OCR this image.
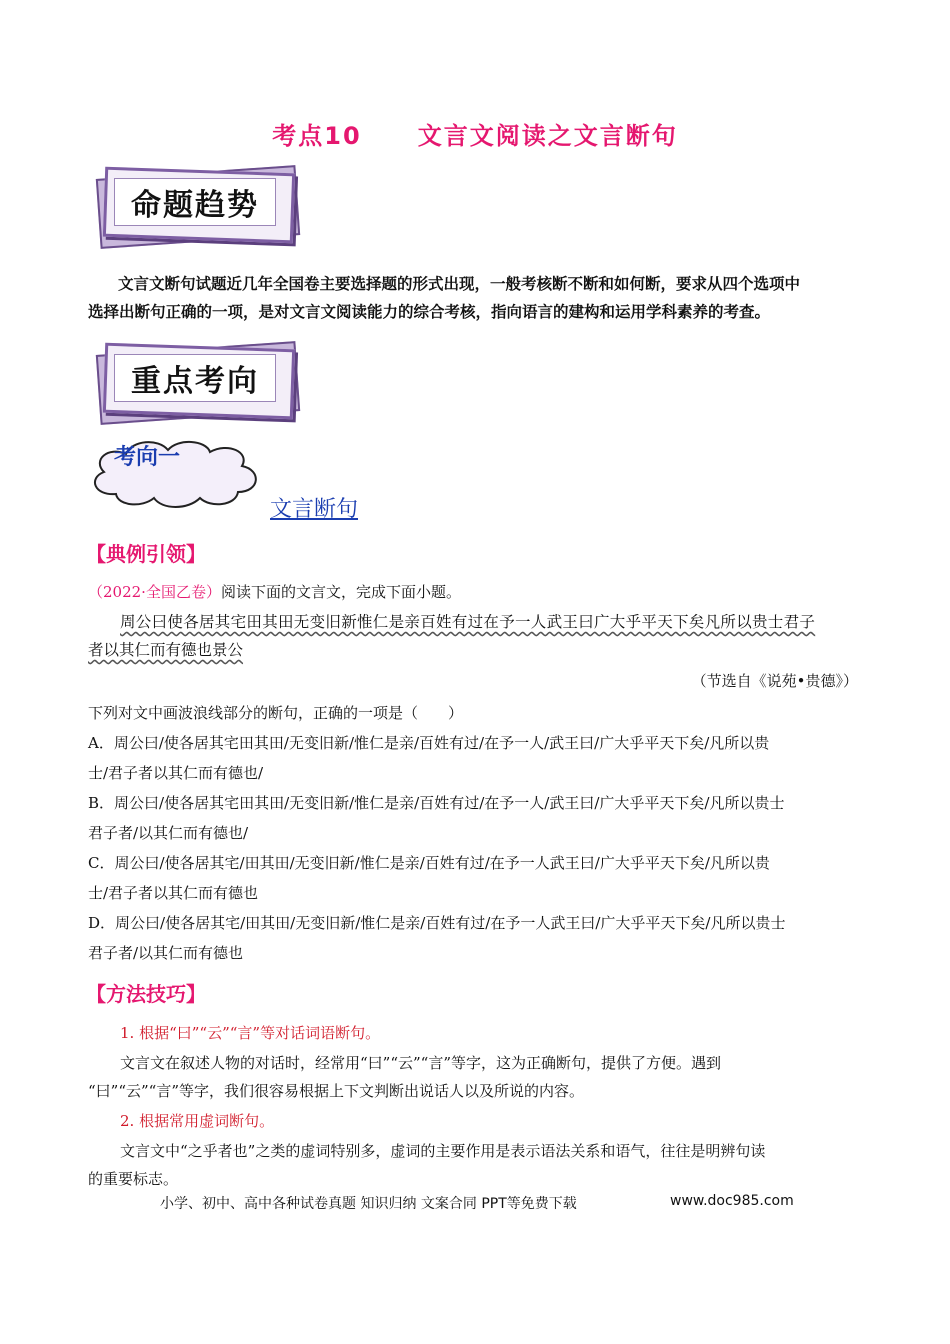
考点10 文言文阅读之文言断句
命题趋势
文言文断句试题近几年全国卷主要选择题的形式出现，一般考核断不断和如何断，要求从四个选项中
选择出断句正确的一项，是对文言文阅读能力的综合考核，指向语言的建构和运用学科素养的考查。
重点考向
考向一
文言断句
【典例引领】
（2022·全国乙卷）阅读下面的文言文，完成下面小题。
周公曰使各居其宅田其田无变旧新惟仁是亲百姓有过在予一人武王曰广大乎平天下矣凡所以贵士君子
者以其仁而有德也景公
（节选自《说苑•贵德》）
下列对文中画波浪线部分的断句，正确的一项是（　　）
A．周公曰/使各居其宅田其田/无变旧新/惟仁是亲/百姓有过/在予一人/武王曰/广大乎平天下矣/凡所以贵
士/君子者以其仁而有德也/
B．周公曰/使各居其宅田其田/无变旧新/惟仁是亲/百姓有过/在予一人/武王曰/广大乎平天下矣/凡所以贵士
君子者/以其仁而有德也/
C．周公曰/使各居其宅/田其田/无变旧新/惟仁是亲/百姓有过/在予一人武王曰/广大乎平天下矣/凡所以贵
士/君子者以其仁而有德也
D．周公曰/使各居其宅/田其田/无变旧新/惟仁是亲/百姓有过/在予一人武王曰/广大乎平天下矣/凡所以贵士
君子者/以其仁而有德也
【方法技巧】
1. 根据“曰”“云”“言”等对话词语断句。
文言文在叙述人物的对话时，经常用“曰”“云”“言”等字，这为正确断句，提供了方便。遇到
“曰”“云”“言”等字，我们很容易根据上下文判断出说话人以及所说的内容。
2. 根据常用虚词断句。
文言文中“之乎者也”之类的虚词特别多，虚词的主要作用是表示语法关系和语气，往往是明辨句读
的重要标志。
小学、初中、高中各种试卷真题 知识归纳 文案合同 PPT等免费下载	www.doc985.com
